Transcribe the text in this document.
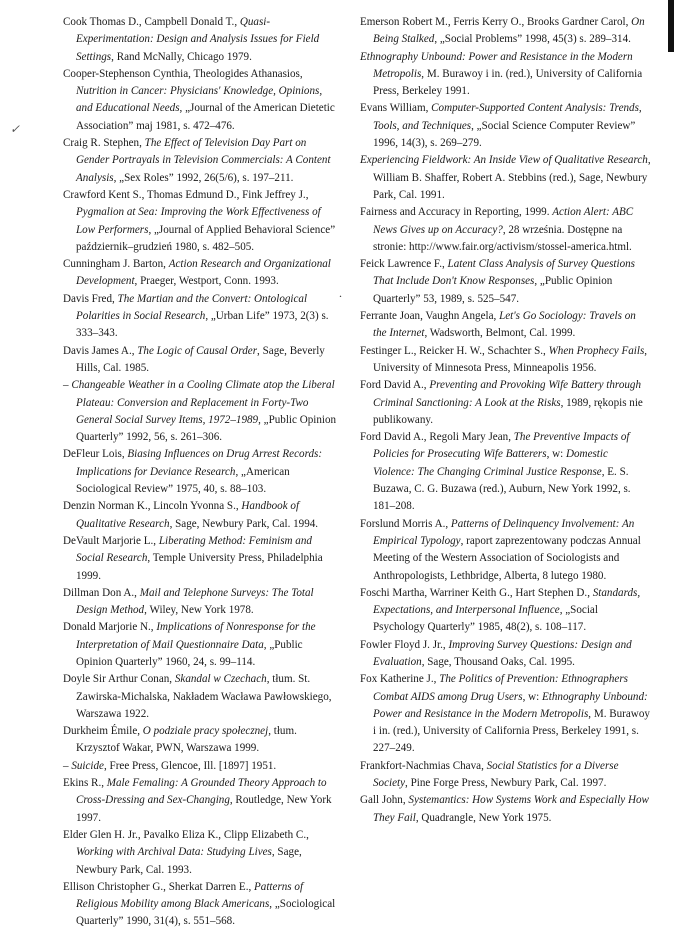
✓
.

Cook Thomas D., Campbell Donald T., Quasi-Experimentation: Design and Analysis Issues for Field Settings, Rand McNally, Chicago 1979.

Cooper-Stephenson Cynthia, Theologides Athanasios, Nutrition in Cancer: Physicians' Knowledge, Opinions, and Educational Needs, „Journal of the American Dietetic Association” maj 1981, s. 472–476.

Craig R. Stephen, The Effect of Television Day Part on Gender Portrayals in Television Commercials: A Content Analysis, „Sex Roles” 1992, 26(5/6), s. 197–211.

Crawford Kent S., Thomas Edmund D., Fink Jeffrey J., Pygmalion at Sea: Improving the Work Effectiveness of Low Performers, „Journal of Applied Behavioral Science” październik–grudzień 1980, s. 482–505.

Cunningham J. Barton, Action Research and Organizational Development, Praeger, Westport, Conn. 1993.

Davis Fred, The Martian and the Convert: Ontological Polarities in Social Research, „Urban Life” 1973, 2(3) s. 333–343.

Davis James A., The Logic of Causal Order, Sage, Beverly Hills, Cal. 1985.

– Changeable Weather in a Cooling Climate atop the Liberal Plateau: Conversion and Replacement in Forty-Two General Social Survey Items, 1972–1989, „Public Opinion Quarterly” 1992, 56, s. 261–306.

DeFleur Lois, Biasing Influences on Drug Arrest Records: Implications for Deviance Research, „American Sociological Review” 1975, 40, s. 88–103.

Denzin Norman K., Lincoln Yvonna S., Handbook of Qualitative Research, Sage, Newbury Park, Cal. 1994.

DeVault Marjorie L., Liberating Method: Feminism and Social Research, Temple University Press, Philadelphia 1999.

Dillman Don A., Mail and Telephone Surveys: The Total Design Method, Wiley, New York 1978.

Donald Marjorie N., Implications of Nonresponse for the Interpretation of Mail Questionnaire Data, „Public Opinion Quarterly” 1960, 24, s. 99–114.

Doyle Sir Arthur Conan, Skandal w Czechach, tłum. St. Zawirska-Michalska, Nakładem Wacława Pawłowskiego, Warszawa 1922.

Durkheim Émile, O podziale pracy społecznej, tłum. Krzysztof Wakar, PWN, Warszawa 1999.

– Suicide, Free Press, Glencoe, Ill. [1897] 1951.

Ekins R., Male Femaling: A Grounded Theory Approach to Cross-Dressing and Sex-Changing, Routledge, New York 1997.

Elder Glen H. Jr., Pavalko Eliza K., Clipp Elizabeth C., Working with Archival Data: Studying Lives, Sage, Newbury Park, Cal. 1993.

Ellison Christopher G., Sherkat Darren E., Patterns of Religious Mobility among Black Americans, „Sociological Quarterly” 1990, 31(4), s. 551–568.

Emerson Robert M., Ferris Kerry O., Brooks Gardner Carol, On Being Stalked, „Social Problems” 1998, 45(3) s. 289–314.

Ethnography Unbound: Power and Resistance in the Modern Metropolis, M. Burawoy i in. (red.), University of California Press, Berkeley 1991.

Evans William, Computer-Supported Content Analysis: Trends, Tools, and Techniques, „Social Science Computer Review” 1996, 14(3), s. 269–279.

Experiencing Fieldwork: An Inside View of Qualitative Research, William B. Shaffer, Robert A. Stebbins (red.), Sage, Newbury Park, Cal. 1991.

Fairness and Accuracy in Reporting, 1999. Action Alert: ABC News Gives up on Accuracy?, 28 września. Dostępne na stronie: http://www.fair.org/activism/stossel-america.html.

Feick Lawrence F., Latent Class Analysis of Survey Questions That Include Don't Know Responses, „Public Opinion Quarterly” 53, 1989, s. 525–547.

Ferrante Joan, Vaughn Angela, Let's Go Sociology: Travels on the Internet, Wadsworth, Belmont, Cal. 1999.

Festinger L., Reicker H. W., Schachter S., When Prophecy Fails, University of Minnesota Press, Minneapolis 1956.

Ford David A., Preventing and Provoking Wife Battery through Criminal Sanctioning: A Look at the Risks, 1989, rękopis nie publikowany.

Ford David A., Regoli Mary Jean, The Preventive Impacts of Policies for Prosecuting Wife Batterers, w: Domestic Violence: The Changing Criminal Justice Response, E. S. Buzawa, C. G. Buzawa (red.), Auburn, New York 1992, s. 181–208.

Forslund Morris A., Patterns of Delinquency Involvement: An Empirical Typology, raport zaprezentowany podczas Annual Meeting of the Western Association of Sociologists and Anthropologists, Lethbridge, Alberta, 8 lutego 1980.

Foschi Martha, Warriner Keith G., Hart Stephen D., Standards, Expectations, and Interpersonal Influence, „Social Psychology Quarterly” 1985, 48(2), s. 108–117.

Fowler Floyd J. Jr., Improving Survey Questions: Design and Evaluation, Sage, Thousand Oaks, Cal. 1995.

Fox Katherine J., The Politics of Prevention: Ethnographers Combat AIDS among Drug Users, w: Ethnography Unbound: Power and Resistance in the Modern Metropolis, M. Burawoy i in. (red.), University of California Press, Berkeley 1991, s. 227–249.

Frankfort-Nachmias Chava, Social Statistics for a Diverse Society, Pine Forge Press, Newbury Park, Cal. 1997.

Gall John, Systemantics: How Systems Work and Especially How They Fail, Quadrangle, New York 1975.
